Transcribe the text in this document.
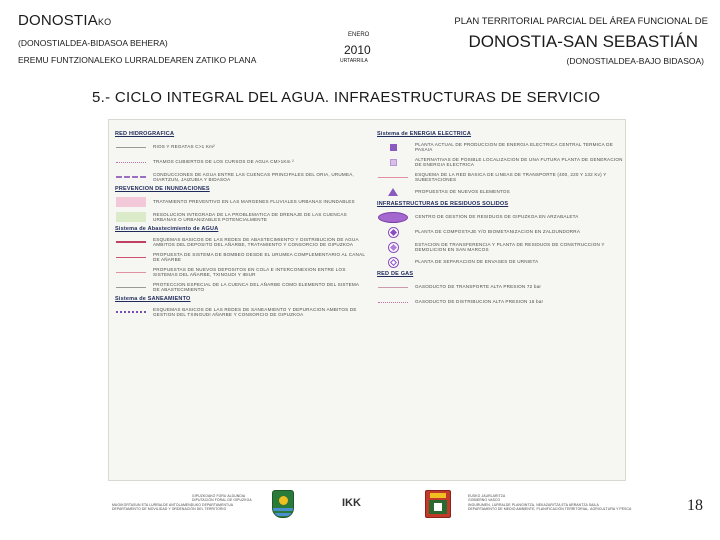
DONOSTIAKO
(DONOSTIALDEA-BIDASOA BEHERA)
EREMU FUNTZIONALEKO LURRALDEAREN ZATIKO PLANA
ENERO
2010
URTARRILA
PLAN TERRITORIAL PARCIAL DEL ÁREA FUNCIONAL DE
DONOSTIA-SAN SEBASTIÁN
(DONOSTIALDEA-BAJO BIDASOA)
5.- CICLO INTEGRAL DEL AGUA. INFRAESTRUCTURAS DE SERVICIO
RED HIDROGRAFICA
RIOS Y REGATAS C>1 Km²
TRAMOS CUBIERTOS DE LOS CURSOS DE AGUA CM>1Km ²
CONDUCCIONES DE AGUA ENTRE LAS CUENCAS PRINCIPALES DEL ORIA, URUMEA, OIARTZUN, JAIZUBIA Y BIDASOA
PREVENCION DE INUNDACIONES
TRATAMIENTO PREVENTIVO EN LAS MARGENES FLUVIALES URBANAS INUNDABLES
RESOLUCION INTEGRADA DE LA PROBLEMATICA DE DRENAJE DE LAS CUENCAS URBANAS O URBANIZABLES POTENCIALMENTE
Sistema de Abastecimiento de AGUA
ESQUEMAS BASICOS DE LAS REDES DE ABASTECIMIENTO Y DISTRIBUCION DE AGUA AMBITOS DEL DEPOSITO DEL AÑARBE, TRATAMIENTO Y CONSORCIO DE GIPUZKOA
PROPUESTA DE SISTEMA DE BOMBEO DESDE EL URUMEA COMPLEMENTARIO AL CANAL DE AÑARBE
PROPUESTAS DE NUEVOS DEPOSITOS EN COLA E INTERCONEXION ENTRE LOS SISTEMAS DEL AÑARBE, TXINGUDI Y IBIUR
PROTECCION ESPECIAL DE LA CUENCA DEL AÑARBE COMO ELEMENTO DEL SISTEMA DE ABASTECIMIENTO
Sistema de SANEAMIENTO
ESQUEMAS BASICOS DE LAS REDES DE SANEAMIENTO Y DEPURACION AMBITOS DE GESTION DEL TXINGUDI AÑARBE Y CONSORCIO DE GIPUZKOA
Sistema de ENERGIA ELECTRICA
PLANTA ACTUAL DE PRODUCCION DE ENERGIA ELECTRICA CENTRAL TERMICA DE PASAIA
ALTERNATIVAS DE POSIBLE LOCALIZACION DE UNA FUTURA PLANTA DE GENERACION DE ENERGIA ELECTRICA
ESQUEMA DE LA RED BASICA DE LINEAS DE TRANSPORTE (400, 220 Y 132 Kv) Y SUBESTACIONES
PROPUESTAS DE NUEVOS ELEMENTOS
INFRAESTRUCTURAS DE RESIDUOS SOLIDOS
CENTRO DE GESTION DE RESIDUOS DE GIPUZKOA EN ARZABALETA
PLANTA DE COMPOSTAJE Y/O BIOMETANIZACION EN ZALDUNDORRA
ESTACION DE TRANSFERENCIA Y PLANTA DE RESIDUOS DE CONSTRUCCION Y DEMOLICION EN SAN MARCOS
PLANTA DE SEPARACION DE ENVASES DE URNIETA
RED DE GAS
GASODUCTO DE TRANSPORTE ALTA PRESION 72 bar
GASODUCTO DE DISTRIBUCION ALTA PRESION 16 bar
GIPUZKOAKO FORU ALDUNDIA
DIPUTACIÓN FORAL DE GIPUZKOA
MUGIKORTASUN ETA LURRALDE ANTOLAMENDUKO DEPARTAMENTUA
DEPARTAMENTO DE MOVILIDAD Y ORDENACIÓN DEL TERRITORIO
IKK
EUSKO JAURLARITZA
GOBIERNO VASCO
INGURUMEN, LURRALDE PLANGINTZA, NEKAZARITZA ETA ARRANTZA SAILA
DEPARTAMENTO DE MEDIO AMBIENTE, PLANIFICACIÓN TERRITORIAL, AGRICULTURA Y PESCA	18
